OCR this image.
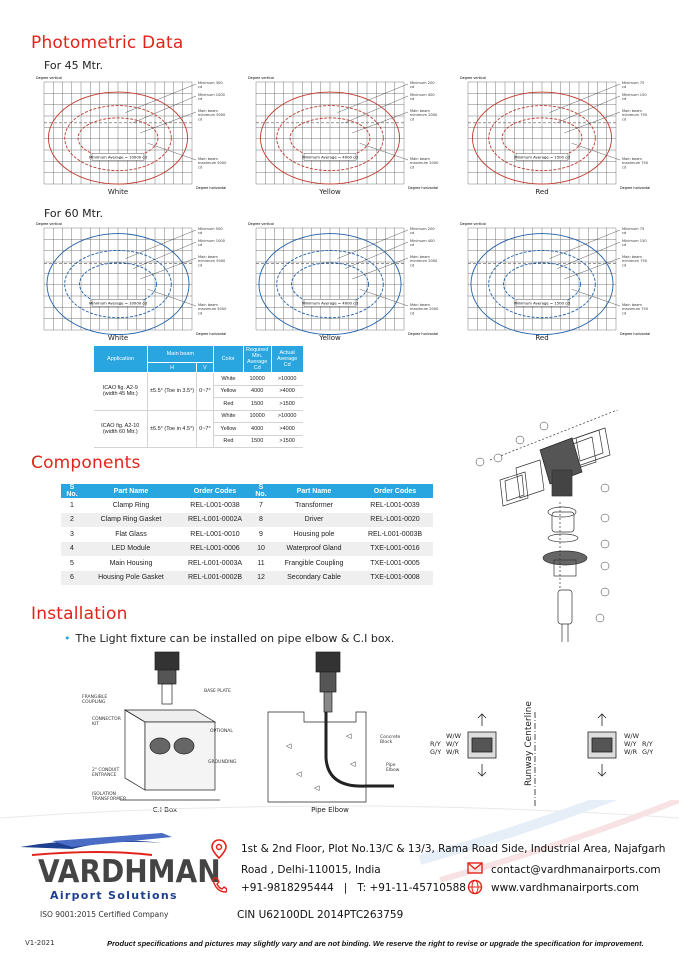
Photometric Data
For 45 Mtr.
For 60 Mtr.
Minimum Average = 10000 cd
Minimum 300
cd
Minimum 1000
cd
Main beam
minimum 5000
cd
Main beam
maximum 5000
cd
Degree vertical
Degree horizontal
White
Minimum Average = 4000 cd
Minimum 200
cd
Minimum 400
cd
Main beam
minimum 2000
cd
Main beam
maximum 2000
cd
Degree vertical
Degree horizontal
Yellow
Minimum Average = 1500 cd
Minimum 75
cd
Minimum 150
cd
Main beam
minimum 750
cd
Main beam
maximum 750
cd
Degree vertical
Degree horizontal
Red
Minimum Average = 10000 cd
Minimum 500
cd
Minimum 1000
cd
Main beam
minimum 5000
cd
Main beam
maximum 5000
cd
Degree vertical
Degree horizontal
White
Minimum Average = 4000 cd
Minimum 200
cd
Minimum 400
cd
Main beam
minimum 2000
cd
Main beam
maximum 2000
cd
Degree vertical
Degree horizontal
Yellow
Minimum Average = 1500 cd
Minimum 75
cd
Minimum 150
cd
Main beam
minimum 750
cd
Main beam
maximum 750
cd
Degree vertical
Degree horizontal
Red
Application	Main beam		Color	Required Min. Average Cd	Actual Average Cd
	H	V			
ICAO fig. A2-9 (width 45 Mtr.)	±5.5° (Toe in 3.5°)	0~7°	White	10000	>10000
			Yellow	4000	>4000
			Red	1500	>1500
ICAO fig. A2-10 (width 60 Mtr.)	±6.5° (Toe in 4.5°)	0~7°	White	10000	>10000
			Yellow	4000	>4000
			Red	1500	>1500
Components
S No.	Part Name	Order Codes
1	Clamp Ring	REL-L001-0038
2	Clamp Ring Gasket	REL-L001-0002A
3	Flat Glass	REL-L001-0010
4	LED Module	REL-L001-0006
5	Main Housing	REL-L001-0003A
6	Housing Pole Gasket	REL-L001-0002B
S No.	Part Name	Order Codes
7	Transformer	REL-L001-0039
8	Driver	REL-L001-0020
9	Housing pole	REL-L001-0003B
10	Waterproof Gland	TXE-L001-0016
11	Frangible Coupling	TXE-L001-0005
12	Secondary Cable	TXE-L001-0008
Installation
• The Light fixture can be installed on pipe elbow & C.I box.
FRANGIBLE COUPLING
BASE PLATE
CONNECTOR KIT
OPTIONAL
GROUNDING
2" CONDUIT ENTRANCE
ISOLATION TRANSFORMER
C.I Box
◁
◁
◁
◁
◁
Concrete Block
Pipe Elbow
Pipe Elbow
Runway Centerline
W/W
W/Y
W/R
R/Y
G/Y
W/W
W/Y
W/R
R/Y
G/Y
VARDHMAN
Airport Solutions
ISO 9001:2015 Certified Company
1st & 2nd Floor, Plot No.13/C & 13/3, Rama Road Side, Industrial Area, Najafgarh
Road , Delhi-110015, India
+91-9818295444   |   T: +91-11-45710588
contact@vardhmanairports.com
www.vardhmanairports.com
CIN U62100DL 2014PTC263759
V1-2021	Product specifications and pictures may slightly vary and are not binding. We reserve the right to revise or upgrade the specification for improvement.
